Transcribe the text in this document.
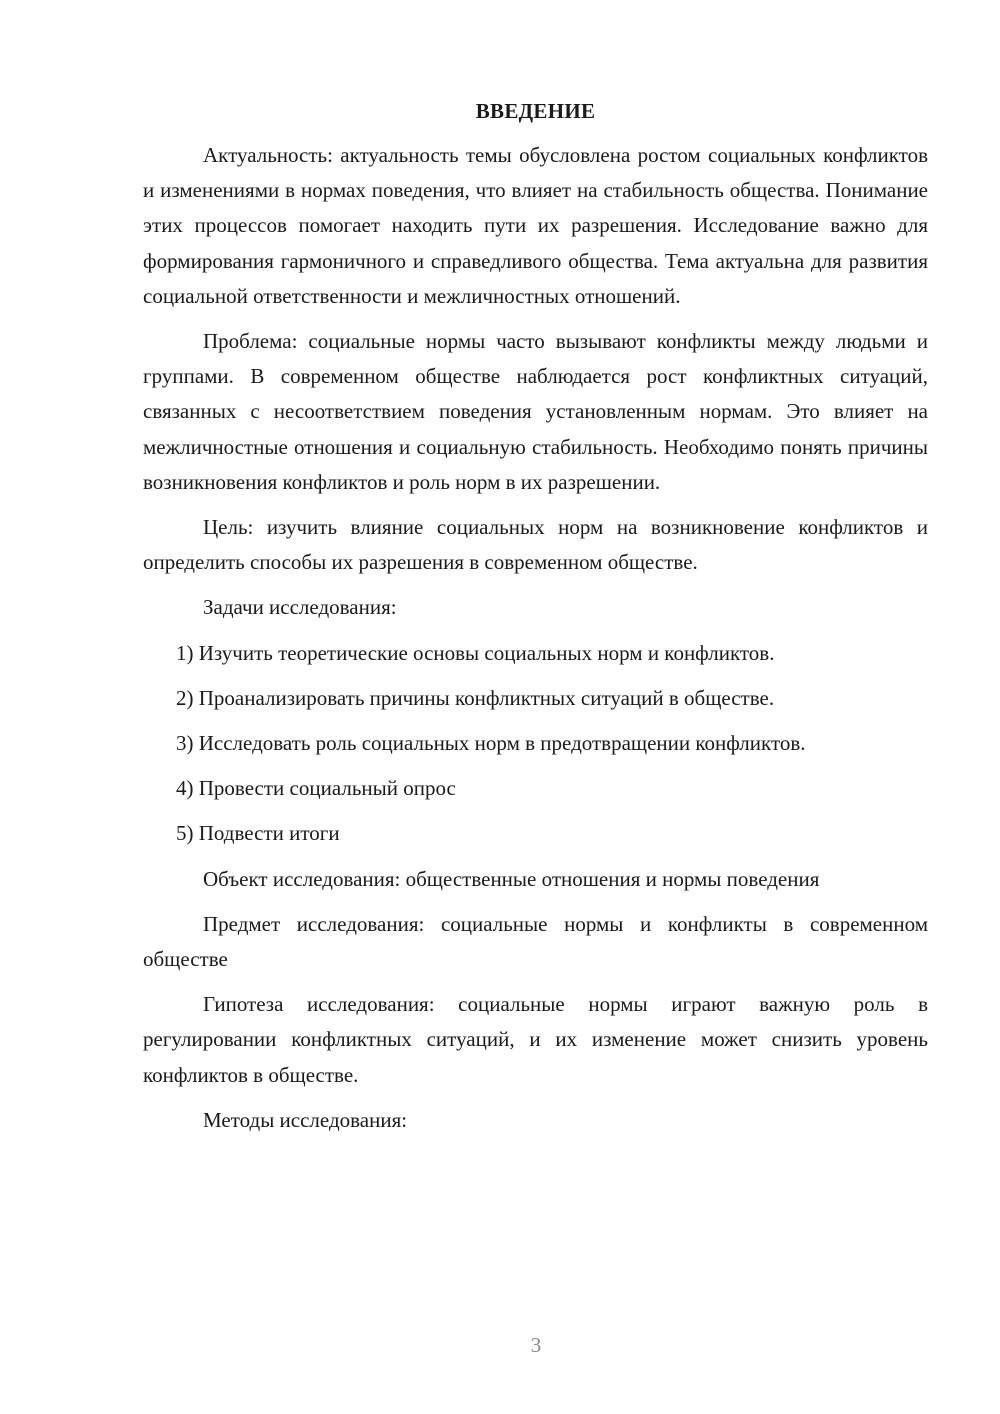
ВВЕДЕНИЕ

Актуальность: актуальность темы обусловлена ростом социальных конфликтов и изменениями в нормах поведения, что влияет на стабильность общества. Понимание этих процессов помогает находить пути их разрешения. Исследование важно для формирования гармоничного и справедливого общества. Тема актуальна для развития социальной ответственности и межличностных отношений.

Проблема: социальные нормы часто вызывают конфликты между людьми и группами. В современном обществе наблюдается рост конфликтных ситуаций, связанных с несоответствием поведения установленным нормам. Это влияет на межличностные отношения и социальную стабильность. Необходимо понять причины возникновения конфликтов и роль норм в их разрешении.

Цель: изучить влияние социальных норм на возникновение конфликтов и определить способы их разрешения в современном обществе.

Задачи исследования:

1) Изучить теоретические основы социальных норм и конфликтов.

2) Проанализировать причины конфликтных ситуаций в обществе.

3) Исследовать роль социальных норм в предотвращении конфликтов.

4) Провести социальный опрос

5) Подвести итоги

Объект исследования: общественные отношения и нормы поведения

Предмет исследования: социальные нормы и конфликты в современном обществе

Гипотеза исследования: социальные нормы играют важную роль в регулировании конфликтных ситуаций, и их изменение может снизить уровень конфликтов в обществе.

Методы исследования:

3
